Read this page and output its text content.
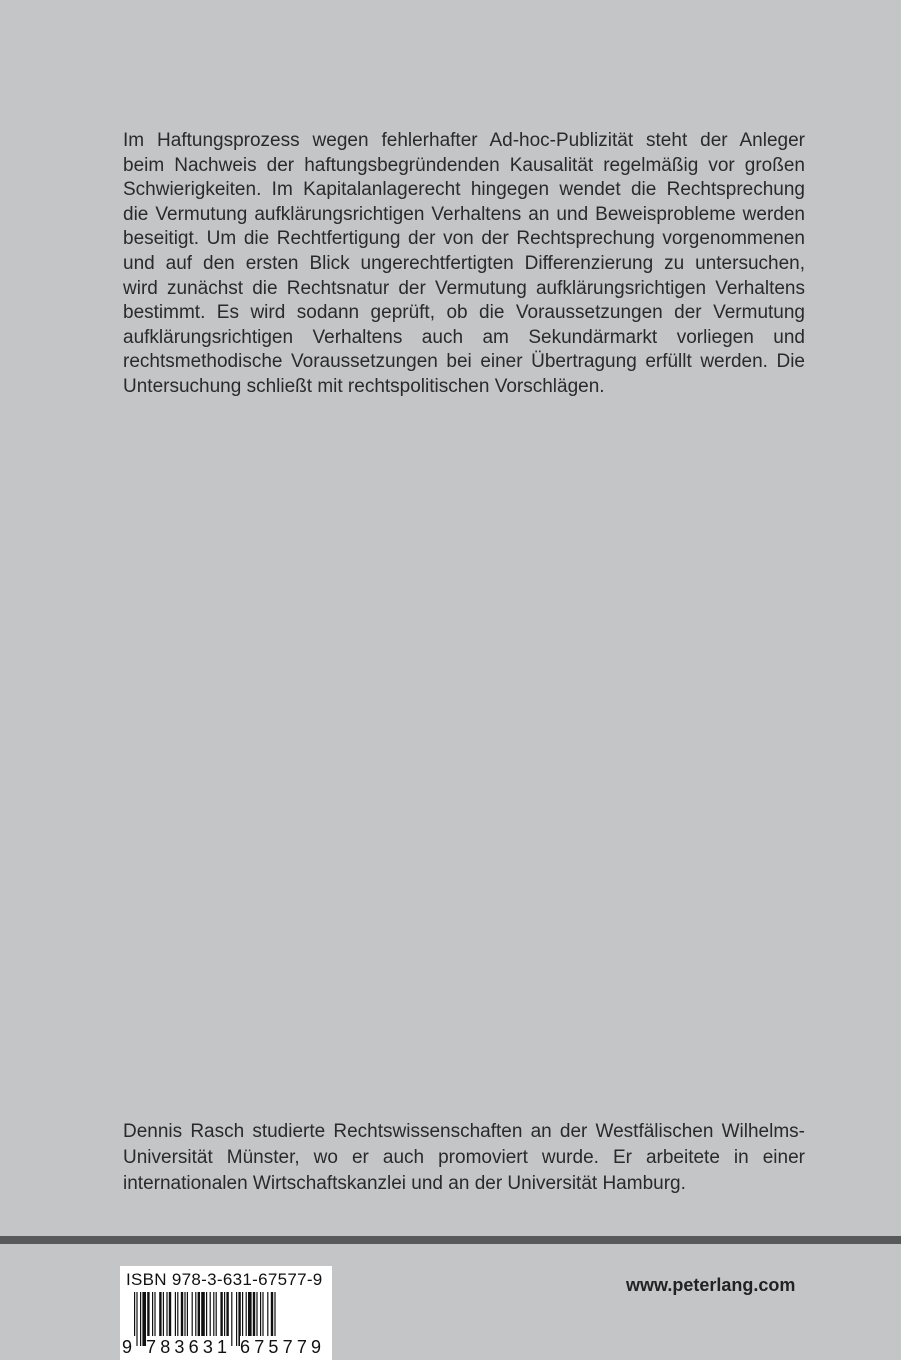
Im Haftungsprozess wegen fehlerhafter Ad-hoc-Publizität steht der Anleger
beim Nachweis der haftungsbegründenden Kausalität regelmäßig vor großen
Schwierigkeiten. Im Kapitalanlagerecht hingegen wendet die Rechtsprechung
die Vermutung aufklärungsrichtigen Verhaltens an und Beweisprobleme werden
beseitigt. Um die Rechtfertigung der von der Rechtsprechung vorgenommenen
und auf den ersten Blick ungerechtfertigten Differenzierung zu untersuchen,
wird zunächst die Rechtsnatur der Vermutung aufklärungsrichtigen Verhaltens
bestimmt. Es wird sodann geprüft, ob die Voraussetzungen der Vermutung
aufklärungsrichtigen Verhaltens auch am Sekundärmarkt vorliegen und
rechtsmethodische Voraussetzungen bei einer Übertragung erfüllt werden. Die
Untersuchung schließt mit rechtspolitischen Vorschlägen.
Dennis Rasch studierte Rechtswissenschaften an der Westfälischen Wilhelms-
Universität Münster, wo er auch promoviert wurde. Er arbeitete in einer
internationalen Wirtschaftskanzlei und an der Universität Hamburg.
ISBN 978-3-631-67577-9
9 783631 675779
www.peterlang.com
